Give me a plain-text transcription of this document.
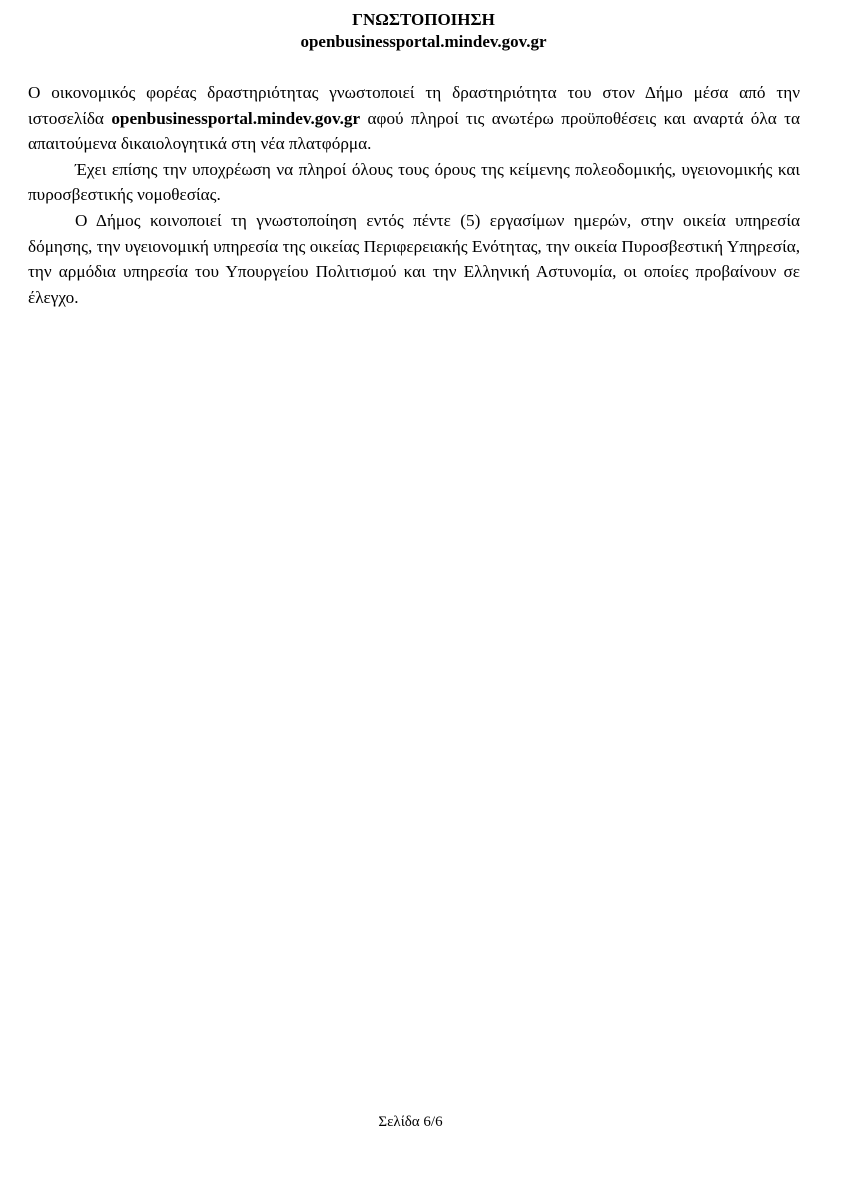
ΓΝΩΣΤΟΠΟΙΗΣΗ
openbusinessportal.mindev.gov.gr

Ο οικονομικός φορέας δραστηριότητας γνωστοποιεί τη δραστηριότητα του στον Δήμο μέσα από την ιστοσελίδα openbusinessportal.mindev.gov.gr αφού πληροί τις ανωτέρω προϋποθέσεις και αναρτά όλα τα απαιτούμενα δικαιολογητικά στη νέα πλατφόρμα.

Έχει επίσης την υποχρέωση να πληροί όλους τους όρους της κείμενης πολεοδομικής, υγειονομικής και πυροσβεστικής νομοθεσίας.

Ο Δήμος κοινοποιεί τη γνωστοποίηση εντός πέντε (5) εργασίμων ημερών, στην οικεία υπηρεσία δόμησης, την υγειονομική υπηρεσία της οικείας Περιφερειακής Ενότητας, την οικεία Πυροσβεστική Υπηρεσία, την αρμόδια υπηρεσία του Υπουργείου Πολιτισμού και την Ελληνική Αστυνομία, οι οποίες προβαίνουν σε έλεγχο.

Σελίδα 6/6
